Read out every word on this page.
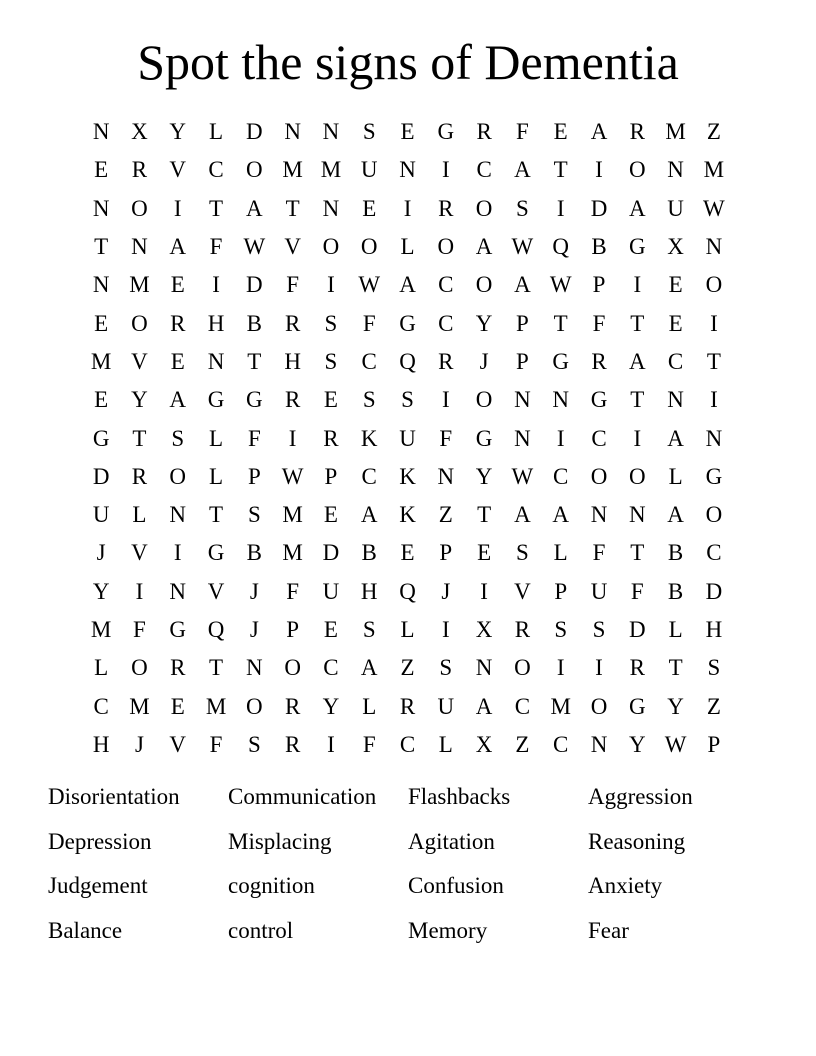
Spot the signs of Dementia
N X Y L D N N	S	E G R	F	E A R M Z
E	R V C O M M U N	I	C A T	I	O N M
N O	I	T A T N E	I	R O	S	I	D A U W
T N A	F W V O O L O A W Q B G X N
N M E	I	D	F	I	W A C O A W P	I	E O
E O R H B R	S	F	G C Y	P	T	F	T	E	I
M V E N T H	S	C Q R	J	P	G R A C	T
E Y A G G R	E	S	S	I	O N N G T N	I
G T	S	L	F	I	R K U	F	G N	I	C	I	A N
D R O L	P W P	C K N Y W C O O L G
U L N T	S M E A K Z	T A A N N A O
J	V	I	G B M D B	E	P	E	S	L	F	T	B C
Y	I	N V	J	F	U H Q	J	I	V	P	U	F	B D
M F	G Q	J	P	E	S	L	I	X R	S	S	D L H
L O R	T N O C A Z	S	N O	I	I	R	T	S
C M E M O R Y L	R U A C M O G Y Z
H	J	V	F	S	R	I	F	C	L X Z	C N Y W P
Disorientation	Communication	Flashbacks	Aggression
Depression	Misplacing	Agitation	Reasoning
Judgement	cognition	Confusion	Anxiety
Balance	control	Memory	Fear
